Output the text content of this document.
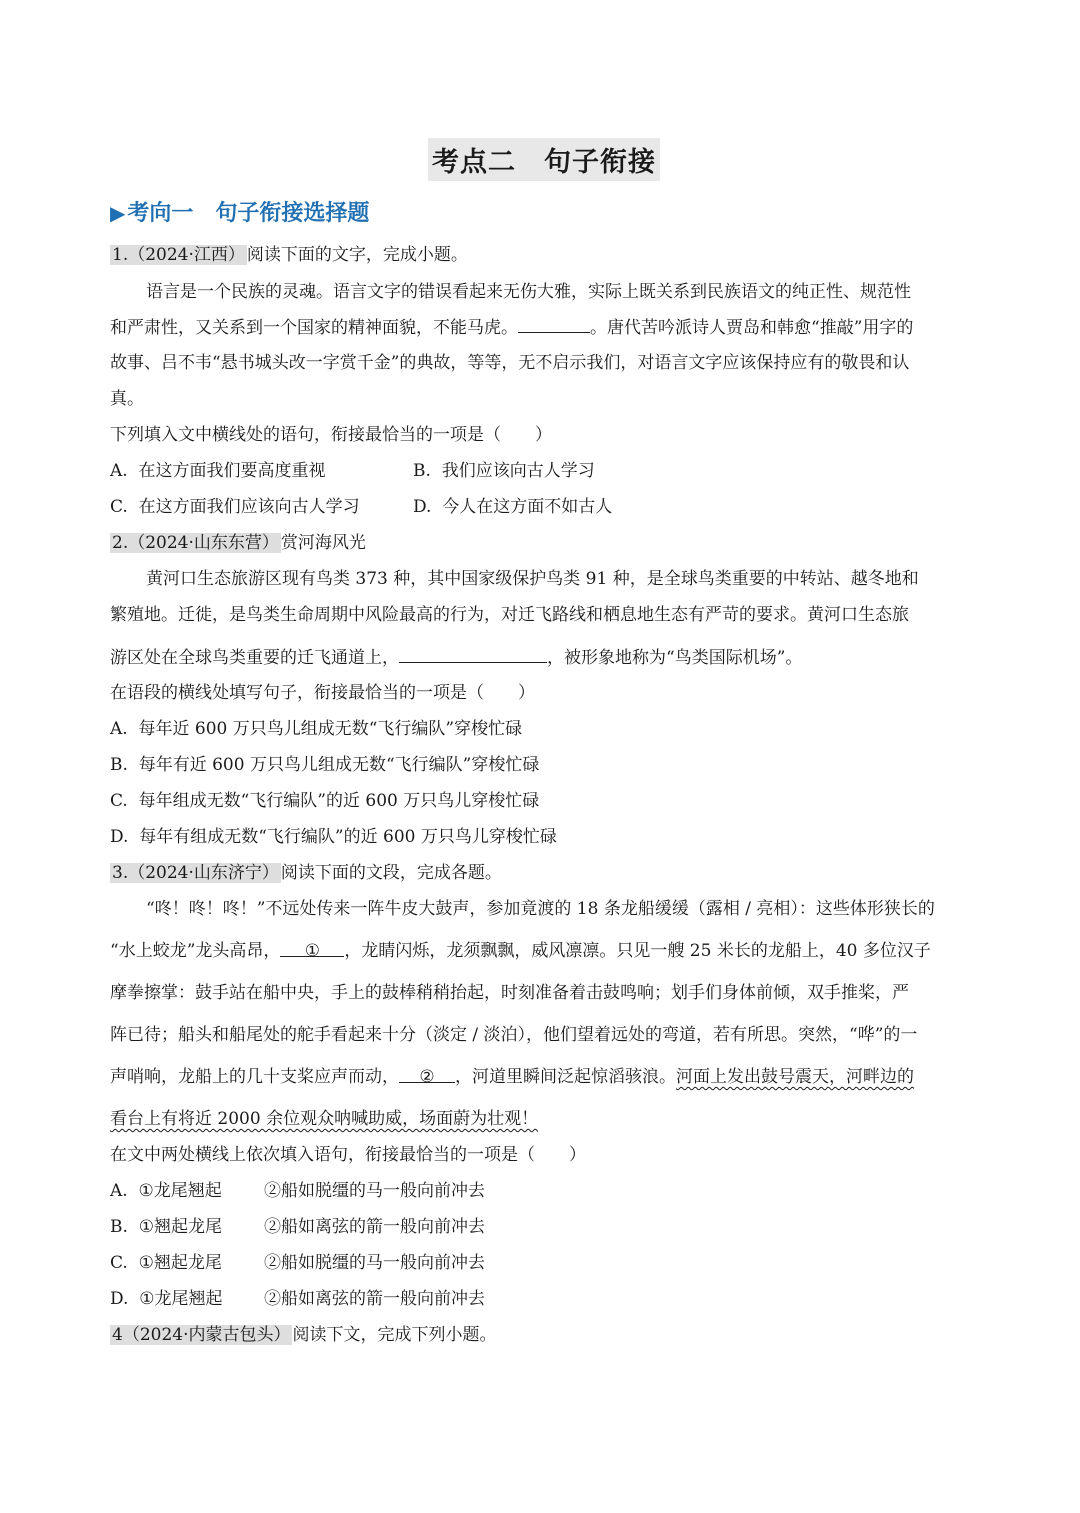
考点二　句子衔接
▶考向一　句子衔接选择题
1.（2024·江西） 阅读下面的文字，完成小题。
语言是一个民族的灵魂。语言文字的错误看起来无伤大雅，实际上既关系到民族语文的纯正性、规范性
和严肃性，又关系到一个国家的精神面貌，不能马虎。	。唐代苦吟派诗人贾岛和韩愈“推敲”用字的
故事、吕不韦“悬书城头改一字赏千金”的典故，等等，无不启示我们，对语言文字应该保持应有的敬畏和认
真。
下列填入文中横线处的语句，衔接最恰当的一项是（　　）
A.  在这方面我们要高度重视	B.  我们应该向古人学习
C.  在这方面我们应该向古人学习	D.  今人在这方面不如古人
2.（2024·山东东营） 赏河海风光
黄河口生态旅游区现有鸟类 373 种，其中国家级保护鸟类 91 种，是全球鸟类重要的中转站、越冬地和
繁殖地。迁徙，是鸟类生命周期中风险最高的行为，对迁飞路线和栖息地生态有严苛的要求。黄河口生态旅
游区处在全球鸟类重要的迁飞通道上，	，被形象地称为“鸟类国际机场”。
在语段的横线处填写句子，衔接最恰当的一项是（　　）
A.  每年近 600 万只鸟儿组成无数“飞行编队”穿梭忙碌
B.  每年有近 600 万只鸟儿组成无数“飞行编队”穿梭忙碌
C.  每年组成无数“飞行编队”的近 600 万只鸟儿穿梭忙碌
D.  每年有组成无数“飞行编队”的近 600 万只鸟儿穿梭忙碌
3.（2024·山东济宁） 阅读下面的文段，完成各题。
“咚！咚！咚！”不远处传来一阵牛皮大鼓声，参加竟渡的 18 条龙船缓缓（露相 / 亮相）：这些体形狭长的
“水上蛟龙”龙头高昂， ① ，龙睛闪烁，龙须飘飘，威风凛凛。只见一艘 25 米长的龙船上，40 多位汉子
摩拳擦掌：鼓手站在船中央，手上的鼓棒稍稍抬起，时刻准备着击鼓鸣响；划手们身体前倾，双手推桨，严
阵已待；船头和船尾处的舵手看起来十分（淡定 / 淡泊），他们望着远处的弯道，若有所思。突然，“哗”的一
声哨响，龙船上的几十支桨应声而动， ② ，河道里瞬间泛起惊滔骇浪。河面上发出鼓号震天，河畔边的
看台上有将近 2000 余位观众呐喊助威，场面蔚为壮观！
在文中两处横线上依次填入语句，衔接最恰当的一项是（　　）
A.  ①龙尾翘起 ②船如脱缰的马一般向前冲去
B.  ①翘起龙尾 ②船如离弦的箭一般向前冲去
C.  ①翘起龙尾 ②船如脱缰的马一般向前冲去
D.  ①龙尾翘起 ②船如离弦的箭一般向前冲去
4（2024·内蒙古包头） 阅读下文，完成下列小题。
